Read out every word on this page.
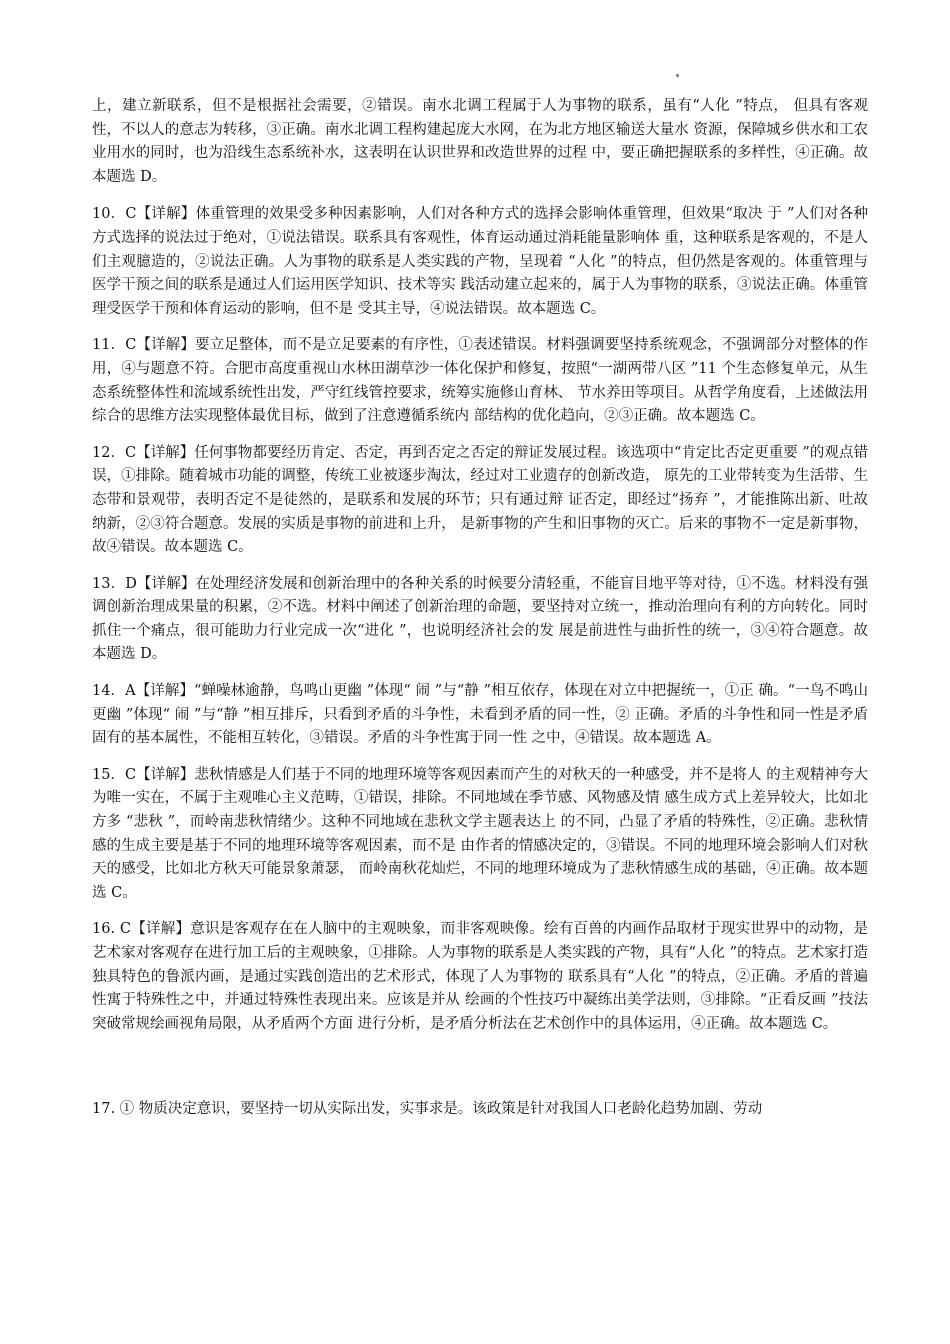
上，建立新联系，但不是根据社会需要，②错误。南水北调工程属于人为事物的联系，虽有“人化 ”特点， 但具有客观性，不以人的意志为转移，③正确。南水北调工程构建起庞大水网，在为北方地区输送大量水 资源，保障城乡供水和工农业用水的同时，也为沿线生态系统补水，这表明在认识世界和改造世界的过程 中，要正确把握联系的多样性，④正确。故本题选 D。

10．C【详解】体重管理的效果受多种因素影响，人们对各种方式的选择会影响体重管理，但效果“取决 于 ”人们对各种方式选择的说法过于绝对，①说法错误。联系具有客观性，体育运动通过消耗能量影响体 重，这种联系是客观的，不是人们主观臆造的，②说法正确。人为事物的联系是人类实践的产物，呈现着 “人化 ”的特点，但仍然是客观的。体重管理与医学干预之间的联系是通过人们运用医学知识、技术等实 践活动建立起来的，属于人为事物的联系，③说法正确。体重管理受医学干预和体育运动的影响，但不是 受其主导，④说法错误。故本题选 C。

11．C【详解】要立足整体，而不是立足要素的有序性，①表述错误。材料强调要坚持系统观念，不强调部分对整体的作用，④与题意不符。合肥市高度重视山水林田湖草沙一体化保护和修复，按照“一湖两带八区 ”11 个生态修复单元，从生态系统整体性和流域系统性出发，严守红线管控要求，统筹实施修山育林、 节水养田等项目。从哲学角度看，上述做法用综合的思维方法实现整体最优目标，做到了注意遵循系统内 部结构的优化趋向，②③正确。故本题选 C。

12．C【详解】任何事物都要经历肯定、否定，再到否定之否定的辩证发展过程。该选项中“肯定比否定更重要 ”的观点错误，①排除。随着城市功能的调整，传统工业被逐步淘汰，经过对工业遗存的创新改造， 原先的工业带转变为生活带、生态带和景观带，表明否定不是徒然的，是联系和发展的环节；只有通过辩 证否定，即经过“扬弃 ”，才能推陈出新、吐故纳新，②③符合题意。发展的实质是事物的前进和上升， 是新事物的产生和旧事物的灭亡。后来的事物不一定是新事物，故④错误。故本题选 C。

13．D【详解】在处理经济发展和创新治理中的各种关系的时候要分清轻重，不能盲目地平等对待，①不选。材料没有强调创新治理成果量的积累，②不选。材料中阐述了创新治理的命题，要坚持对立统一，推动治理向有利的方向转化。同时抓住一个痛点，很可能助力行业完成一次“进化 ”，也说明经济社会的发 展是前进性与曲折性的统一，③④符合题意。故本题选 D。

14．A【详解】“蝉噪林逾静，鸟鸣山更幽 ”体现“ 闹 ”与“静 ”相互依存，体现在对立中把握统一，①正 确。“一鸟不鸣山更幽 ”体现“ 闹 ”与“静 ”相互排斥，只看到矛盾的斗争性，未看到矛盾的同一性，② 正确。矛盾的斗争性和同一性是矛盾固有的基本属性，不能相互转化，③错误。矛盾的斗争性寓于同一性 之中，④错误。故本题选 A。

15．C【详解】悲秋情感是人们基于不同的地理环境等客观因素而产生的对秋天的一种感受，并不是将人 的主观精神夸大为唯一实在，不属于主观唯心主义范畴，①错误，排除。不同地域在季节感、风物感及情 感生成方式上差异较大，比如北方多 “悲秋 ”，而岭南悲秋情绪少。这种不同地域在悲秋文学主题表达上 的不同，凸显了矛盾的特殊性，②正确。悲秋情感的生成主要是基于不同的地理环境等客观因素，而不是 由作者的情感决定的，③错误。不同的地理环境会影响人们对秋天的感受，比如北方秋天可能景象萧瑟， 而岭南秋花灿烂，不同的地理环境成为了悲秋情感生成的基础，④正确。故本题选 C。

16. C【详解】意识是客观存在在人脑中的主观映象，而非客观映像。绘有百兽的内画作品取材于现实世界中的动物，是艺术家对客观存在进行加工后的主观映象，①排除。人为事物的联系是人类实践的产物，具有“人化 ”的特点。艺术家打造独具特色的鲁派内画，是通过实践创造出的艺术形式，体现了人为事物的 联系具有“人化 ”的特点，②正确。矛盾的普遍性寓于特殊性之中，并通过特殊性表现出来。应该是并从 绘画的个性技巧中凝练出美学法则，③排除。“正看反画 ”技法突破常规绘画视角局限，从矛盾两个方面 进行分析，是矛盾分析法在艺术创作中的具体运用，④正确。故本题选 C。

17. ① 物质决定意识，要坚持一切从实际出发，实事求是。该政策是针对我国人口老龄化趋势加剧、劳动
